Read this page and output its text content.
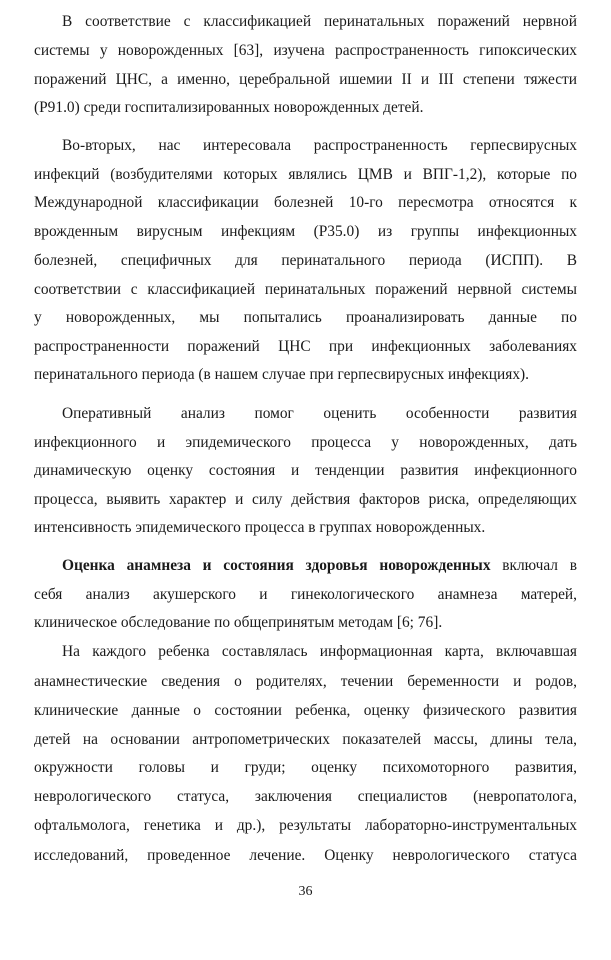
В соответствие с классификацией перинатальных поражений нервной
системы у новорожденных [63], изучена распространенность гипоксических
поражений ЦНС, а именно, церебральной ишемии II и III степени тяжести
(Р91.0) среди госпитализированных новорожденных детей.
Во-вторых, нас интересовала распространенность герпесвирусных
инфекций (возбудителями которых являлись ЦМВ и ВПГ-1,2), которые по
Международной классификации болезней 10-го пересмотра относятся к
врожденным вирусным инфекциям (Р35.0) из группы инфекционных
болезней, специфичных для перинатального периода (ИСПП). В
соответствии с классификацией перинатальных поражений нервной системы
у новорожденных, мы попытались проанализировать данные по
распространенности поражений ЦНС при инфекционных заболеваниях
перинатального периода (в нашем случае при герпесвирусных инфекциях).
Оперативный анализ помог оценить особенности развития
инфекционного и эпидемического процесса у новорожденных, дать
динамическую оценку состояния и тенденции развития инфекционного
процесса, выявить характер и силу действия факторов риска, определяющих
интенсивность эпидемического процесса в группах новорожденных.
Оценка анамнеза и состояния здоровья новорожденных включал в
себя анализ акушерского и гинекологического анамнеза матерей,
клиническое обследование по общепринятым методам [6; 76].
На каждого ребенка составлялась информационная карта, включавшая
анамнестические сведения о родителях, течении беременности и родов,
клинические данные о состоянии ребенка, оценку физического развития
детей на основании антропометрических показателей массы, длины тела,
окружности головы и груди; оценку психомоторного развития,
неврологического статуса, заключения специалистов (невропатолога,
офтальмолога, генетика и др.), результаты лабораторно-инструментальных
исследований, проведенное лечение. Оценку неврологического статуса
36
